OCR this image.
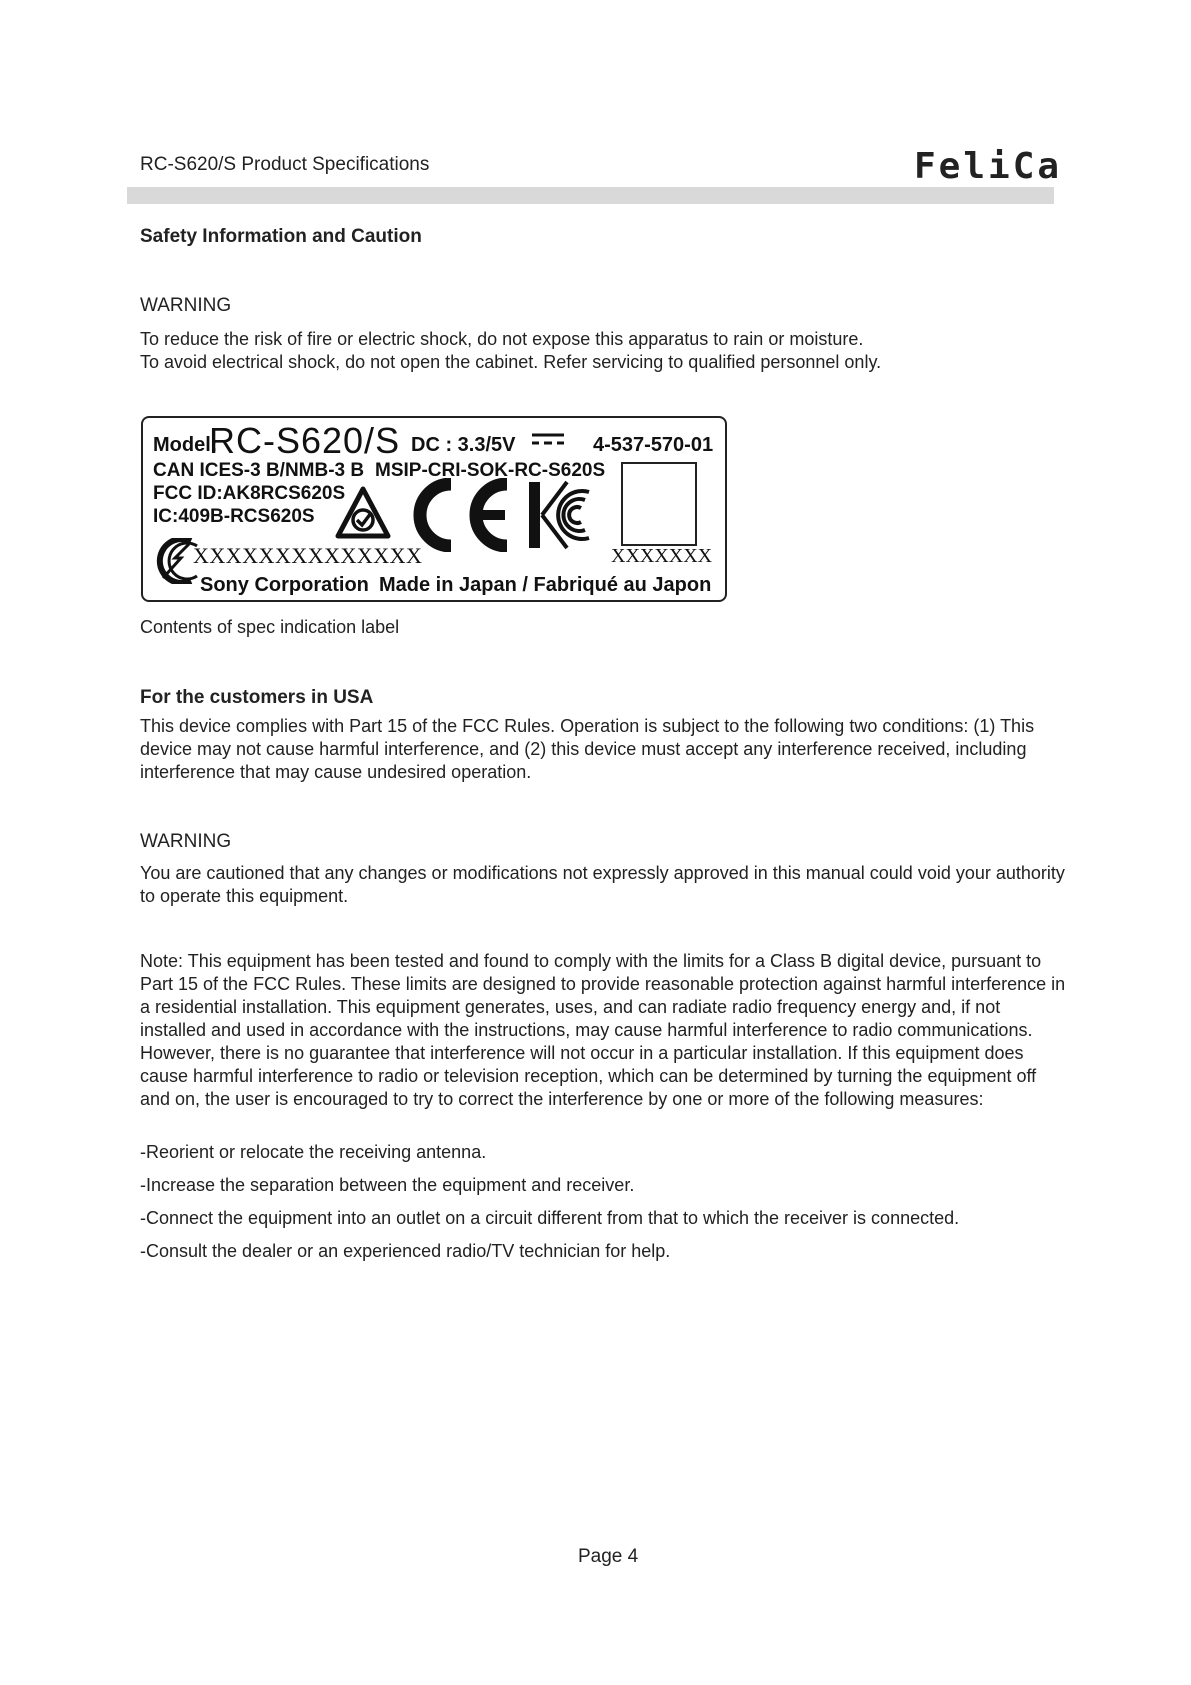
RC-S620/S Product Specifications	FeliCa
Safety Information and Caution
WARNING

To reduce the risk of fire or electric shock, do not expose this apparatus to rain or moisture.

To avoid electrical shock, do not open the cabinet. Refer servicing to qualified personnel only.

Model:
RC-S620/S DC : 3.3/5V	4-537-570-01
CAN ICES-3 B/NMB-3 B MSIP-CRI-SOK-RC-S620S
FCC ID:AK8RCS620S
IC:409B-RCS620S
XXXXXXXXXXXXXX	XXXXXXX
Sony Corporation Made in Japan / Fabriqué au Japon
Contents of spec indication label
For the customers in USA
This device complies with Part 15 of the FCC Rules. Operation is subject to the following two conditions: (1) This device may not cause harmful interference, and (2) this device must accept any interference received, including interference that may cause undesired operation.
WARNING
You are cautioned that any changes or modifications not expressly approved in this manual could void your authority to operate this equipment.
Note: This equipment has been tested and found to comply with the limits for a Class B digital device, pursuant to Part 15 of the FCC Rules. These limits are designed to provide reasonable protection against harmful interference in a residential installation. This equipment generates, uses, and can radiate radio frequency energy and, if not installed and used in accordance with the instructions, may cause harmful interference to radio communications. However, there is no guarantee that interference will not occur in a particular installation. If this equipment does cause harmful interference to radio or television reception, which can be determined by turning the equipment off and on, the user is encouraged to try to correct the interference by one or more of the following measures:

-Reorient or relocate the receiving antenna.

-Increase the separation between the equipment and receiver.

-Connect the equipment into an outlet on a circuit different from that to which the receiver is connected.

-Consult the dealer or an experienced radio/TV technician for help.

Page 4
